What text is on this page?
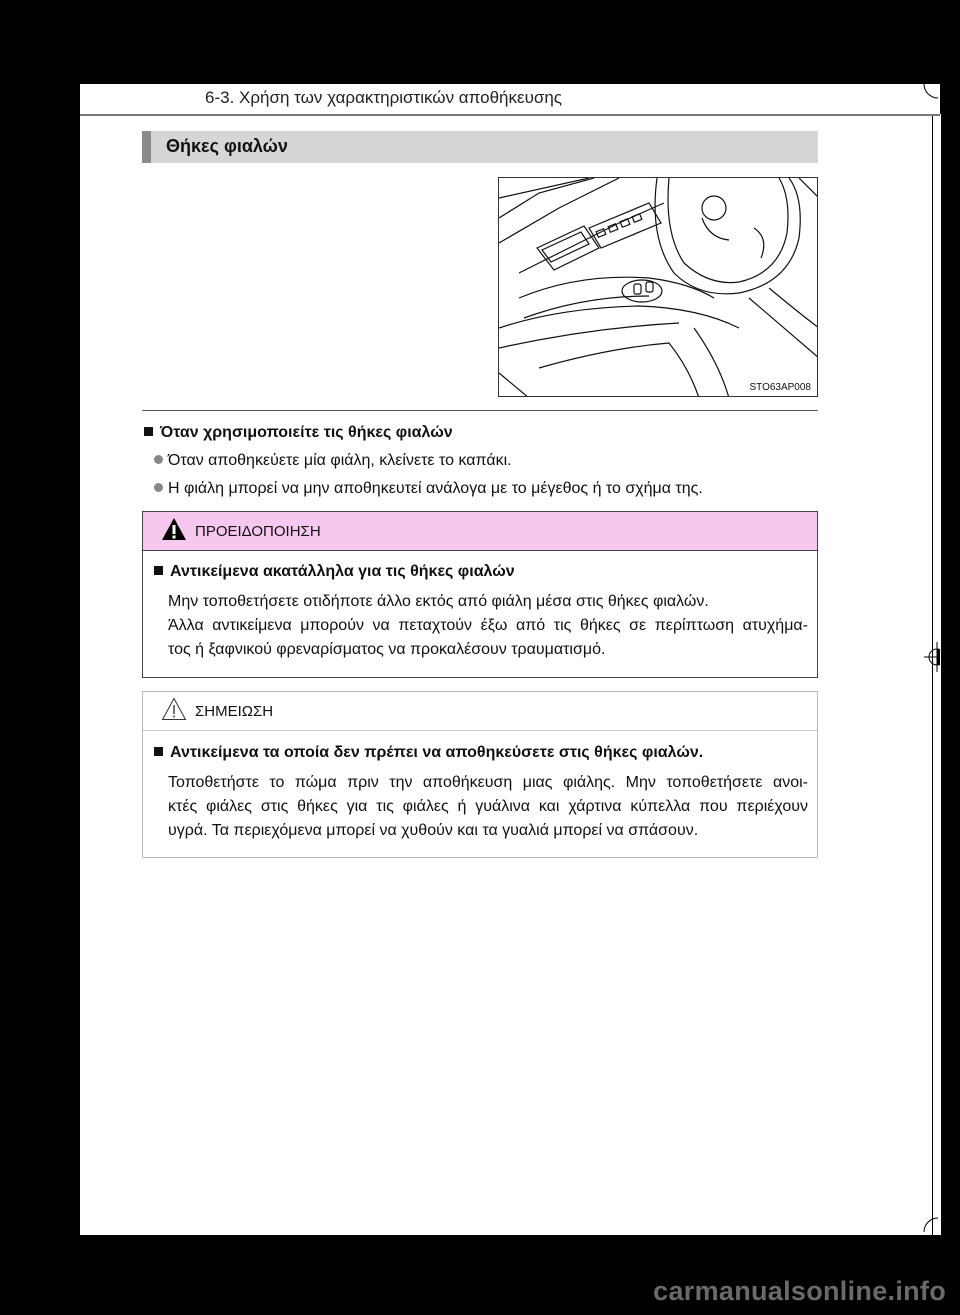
6-3. Χρήση των χαρακτηριστικών αποθήκευσης
Θήκες φιαλών
STO63AP008
Όταν χρησιμοποιείτε τις θήκες φιαλών
Όταν αποθηκεύετε μία φιάλη, κλείνετε το καπάκι.
Η φιάλη μπορεί να μην αποθηκευτεί ανάλογα με το μέγεθος ή το σχήμα της.
ΠΡΟΕΙΔΟΠΟΙΗΣΗ
Αντικείμενα ακατάλληλα για τις θήκες φιαλών
Μην τοποθετήσετε οτιδήποτε άλλο εκτός από φιάλη μέσα στις θήκες φιαλών.
Άλλα αντικείμενα μπορούν να πεταχτούν έξω από τις θήκες σε περίπτωση ατυχήμα-
τος ή ξαφνικού φρεναρίσματος να προκαλέσουν τραυματισμό.
ΣΗΜΕΙΩΣΗ
Αντικείμενα τα οποία δεν πρέπει να αποθηκεύσετε στις θήκες φιαλών.
Τοποθετήστε το πώμα πριν την αποθήκευση μιας φιάλης. Μην τοποθετήσετε ανοι-
κτές φιάλες στις θήκες για τις φιάλες ή γυάλινα και χάρτινα κύπελλα που περιέχουν
υγρά. Τα περιεχόμενα μπορεί να χυθούν και τα γυαλιά μπορεί να σπάσουν.
carmanualsonline.info
